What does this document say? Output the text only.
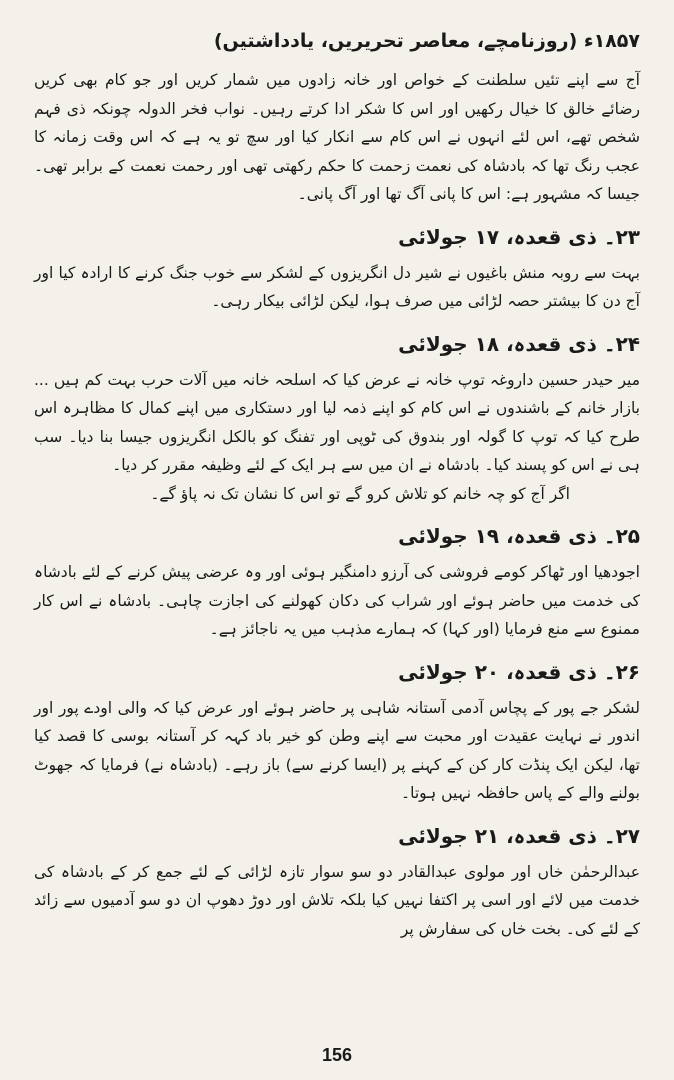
۱۸۵۷ء (روزنامچے، معاصر تحریریں، یادداشتیں)

آج سے اپنے تئیں سلطنت کے خواص اور خانہ زادوں میں شمار کریں اور جو کام بھی کریں رضائے خالق کا خیال رکھیں اور اس کا شکر ادا کرتے رہیں۔ نواب فخر الدولہ چونکہ ذی فہم شخص تھے، اس لئے انہوں نے اس کام سے انکار کیا اور سچ تو یہ ہے کہ اس وقت زمانہ کا عجب رنگ تھا کہ بادشاہ کی نعمت زحمت کا حکم رکھتی تھی اور رحمت نعمت کے برابر تھی۔ جیسا کہ مشہور ہے: اس کا پانی آگ تھا اور آگ پانی۔

۲۳۔ ذی قعدہ، ۱۷ جولائی

بہت سے روبہ منش باغیوں نے شیر دل انگریزوں کے لشکر سے خوب جنگ کرنے کا ارادہ کیا اور آج دن کا بیشتر حصہ لڑائی میں صرف ہوا، لیکن لڑائی بیکار رہی۔

۲۴۔ ذی قعدہ، ۱۸ جولائی

میر حیدر حسین داروغہ توپ خانہ نے عرض کیا کہ اسلحہ خانہ میں آلات حرب بہت کم ہیں ... بازار خانم کے باشندوں نے اس کام کو اپنے ذمہ لیا اور دستکاری میں اپنے کمال کا مظاہرہ اس طرح کیا کہ توپ کا گولہ اور بندوق کی ٹوپی اور تفنگ کو بالکل انگریزوں جیسا بنا دیا۔ سب ہی نے اس کو پسند کیا۔ بادشاہ نے ان میں سے ہر ایک کے لئے وظیفہ مقرر کر دیا۔

اگر آج کو چہ خانم کو تلاش کرو گے تو اس کا نشان تک نہ پاؤ گے۔

۲۵۔ ذی قعدہ، ۱۹ جولائی

اجودھیا اور ٹھاکر کومے فروشی کی آرزو دامنگیر ہوئی اور وہ عرضی پیش کرنے کے لئے بادشاہ کی خدمت میں حاضر ہوئے اور شراب کی دکان کھولنے کی اجازت چاہی۔ بادشاہ نے اس کار ممنوع سے منع فرمایا (اور کہا) کہ ہمارے مذہب میں یہ ناجائز ہے۔

۲۶۔ ذی قعدہ، ۲۰ جولائی

لشکر جے پور کے پچاس آدمی آستانہ شاہی پر حاضر ہوئے اور عرض کیا کہ والی اودے پور اور اندور نے نہایت عقیدت اور محبت سے اپنے وطن کو خیر باد کہہ کر آستانہ بوسی کا قصد کیا تھا، لیکن ایک پنڈت کار کن کے کہنے پر (ایسا کرنے سے) باز رہے۔ (بادشاہ نے) فرمایا کہ جھوٹ بولنے والے کے پاس حافظہ نہیں ہوتا۔

۲۷۔ ذی قعدہ، ۲۱ جولائی

عبدالرحمٰن خاں اور مولوی عبدالقادر دو سو سوار تازہ لڑائی کے لئے جمع کر کے بادشاہ کی خدمت میں لائے اور اسی پر اکتفا نہیں کیا بلکہ تلاش اور دوڑ دھوپ ان دو سو آدمیوں سے زائد کے لئے کی۔ بخت خاں کی سفارش پر

156
